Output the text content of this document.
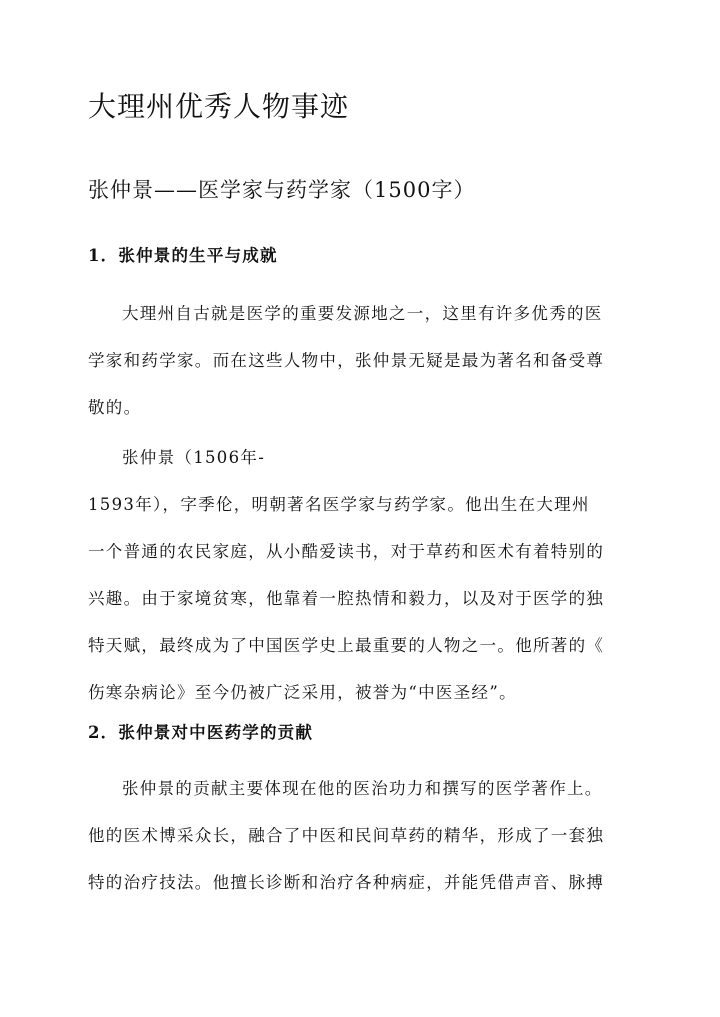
大理州优秀人物事迹
张仲景——医学家与药学家（1500字）
1．张仲景的生平与成就
大理州自古就是医学的重要发源地之一，这里有许多优秀的医
学家和药学家。而在这些人物中，张仲景无疑是最为著名和备受尊
敬的。
张仲景（1506年-
1593年），字季伦，明朝著名医学家与药学家。他出生在大理州
一个普通的农民家庭，从小酷爱读书，对于草药和医术有着特别的
兴趣。由于家境贫寒，他靠着一腔热情和毅力，以及对于医学的独
特天赋，最终成为了中国医学史上最重要的人物之一。他所著的《
伤寒杂病论》至今仍被广泛采用，被誉为“中医圣经”。
2．张仲景对中医药学的贡献
张仲景的贡献主要体现在他的医治功力和撰写的医学著作上。
他的医术博采众长，融合了中医和民间草药的精华，形成了一套独
特的治疗技法。他擅长诊断和治疗各种病症，并能凭借声音、脉搏
